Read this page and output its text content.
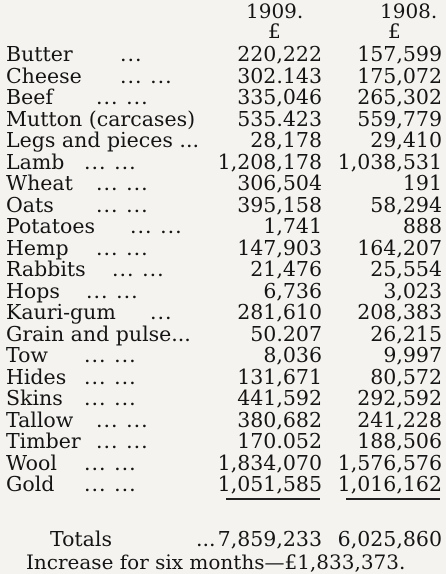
1909.	1908.
£	£
Butter ...	220,222 157,599
Cheese ... ...	302.143 175,072
Beef ... ...	335,046 265,302
Mutton (carcases) 535.423 559,779
Legs and pieces ...	28,178 29,410
Lamb ... ...	1,208,178 1,038,531
Wheat ... ...	306,504	191
Oats ... ...	395,158 58,294
Potatoes ... ...	1,741	888
Hemp ... ...	147,903 164,207
Rabbits ... ...	21,476 25,554
Hops ... ...	6,736	3,023
Kauri-gum ...	281,610 208,383
Grain and pulse...	50.207 26,215
Tow ... ...	8,036	9,997
Hides ... ...	131,671 80,572
Skins ... ...	441,592 292,592
Tallow ... ...	380,682 241,228
Timber ... ...	170.052 188,506
Wool ... ...	1,834,070 1,576,576
Gold ... ...	1,051,585 1,016,162
Totals	... 7,859,233 6,025,860
Increase for six months—£1,833,373.
